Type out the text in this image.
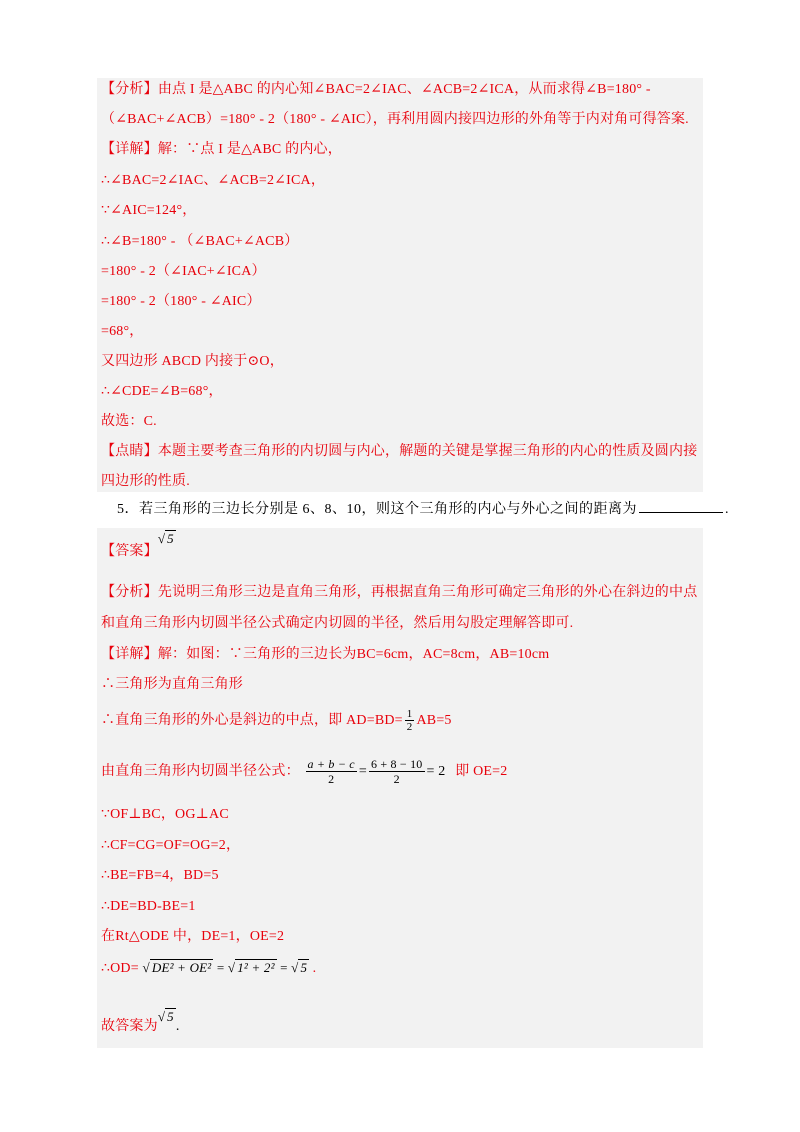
【分析】由点 I 是△ABC 的内心知∠BAC=2∠IAC、∠ACB=2∠ICA，从而求得∠B=180° -
（∠BAC+∠ACB）=180° - 2（180° - ∠AIC），再利用圆内接四边形的外角等于内对角可得答案.
【详解】解：∵点 I 是△ABC 的内心，
∴∠BAC=2∠IAC、∠ACB=2∠ICA，
∵∠AIC=124°，
∴∠B=180° - （∠BAC+∠ACB）
=180° - 2（∠IAC+∠ICA）
=180° - 2（180° - ∠AIC）
=68°，
又四边形 ABCD 内接于⊙O，
∴∠CDE=∠B=68°，
故选：C.
【点睛】本题主要考查三角形的内切圆与内心，解题的关键是掌握三角形的内心的性质及圆内接
四边形的性质.
5．若三角形的三边长分别是 6、8、10，则这个三角形的内心与外心之间的距离为	.
【答案】√ 5
【分析】先说明三角形三边是直角三角形，再根据直角三角形可确定三角形的外心在斜边的中点
和直角三角形内切圆半径公式确定内切圆的半径，然后用勾股定理解答即可.
【详解】解：如图：∵三角形的三边长为BC=6cm，AC=8cm，AB=10cm
∴三角形为直角三角形
∴直角三角形的外心是斜边的中点，即 $AD=BD= \frac{1}{2} AB=5$
由直角三角形内切圆半径公式： $\frac{a + b - c}{2} = \frac{6 + 8 - 10}{2} = 2$ 即 OE=2
∵OF⊥BC，OG⊥AC
∴CF=CG=OF=OG=2，
∴BE=FB=4，BD=5
∴DE=BD-BE=1
在Rt△ODE 中，DE=1，OE=2
∴OD= √ DE² + OE² = √ 1² + 2² = √ 5 .
故答案为√ 5.
